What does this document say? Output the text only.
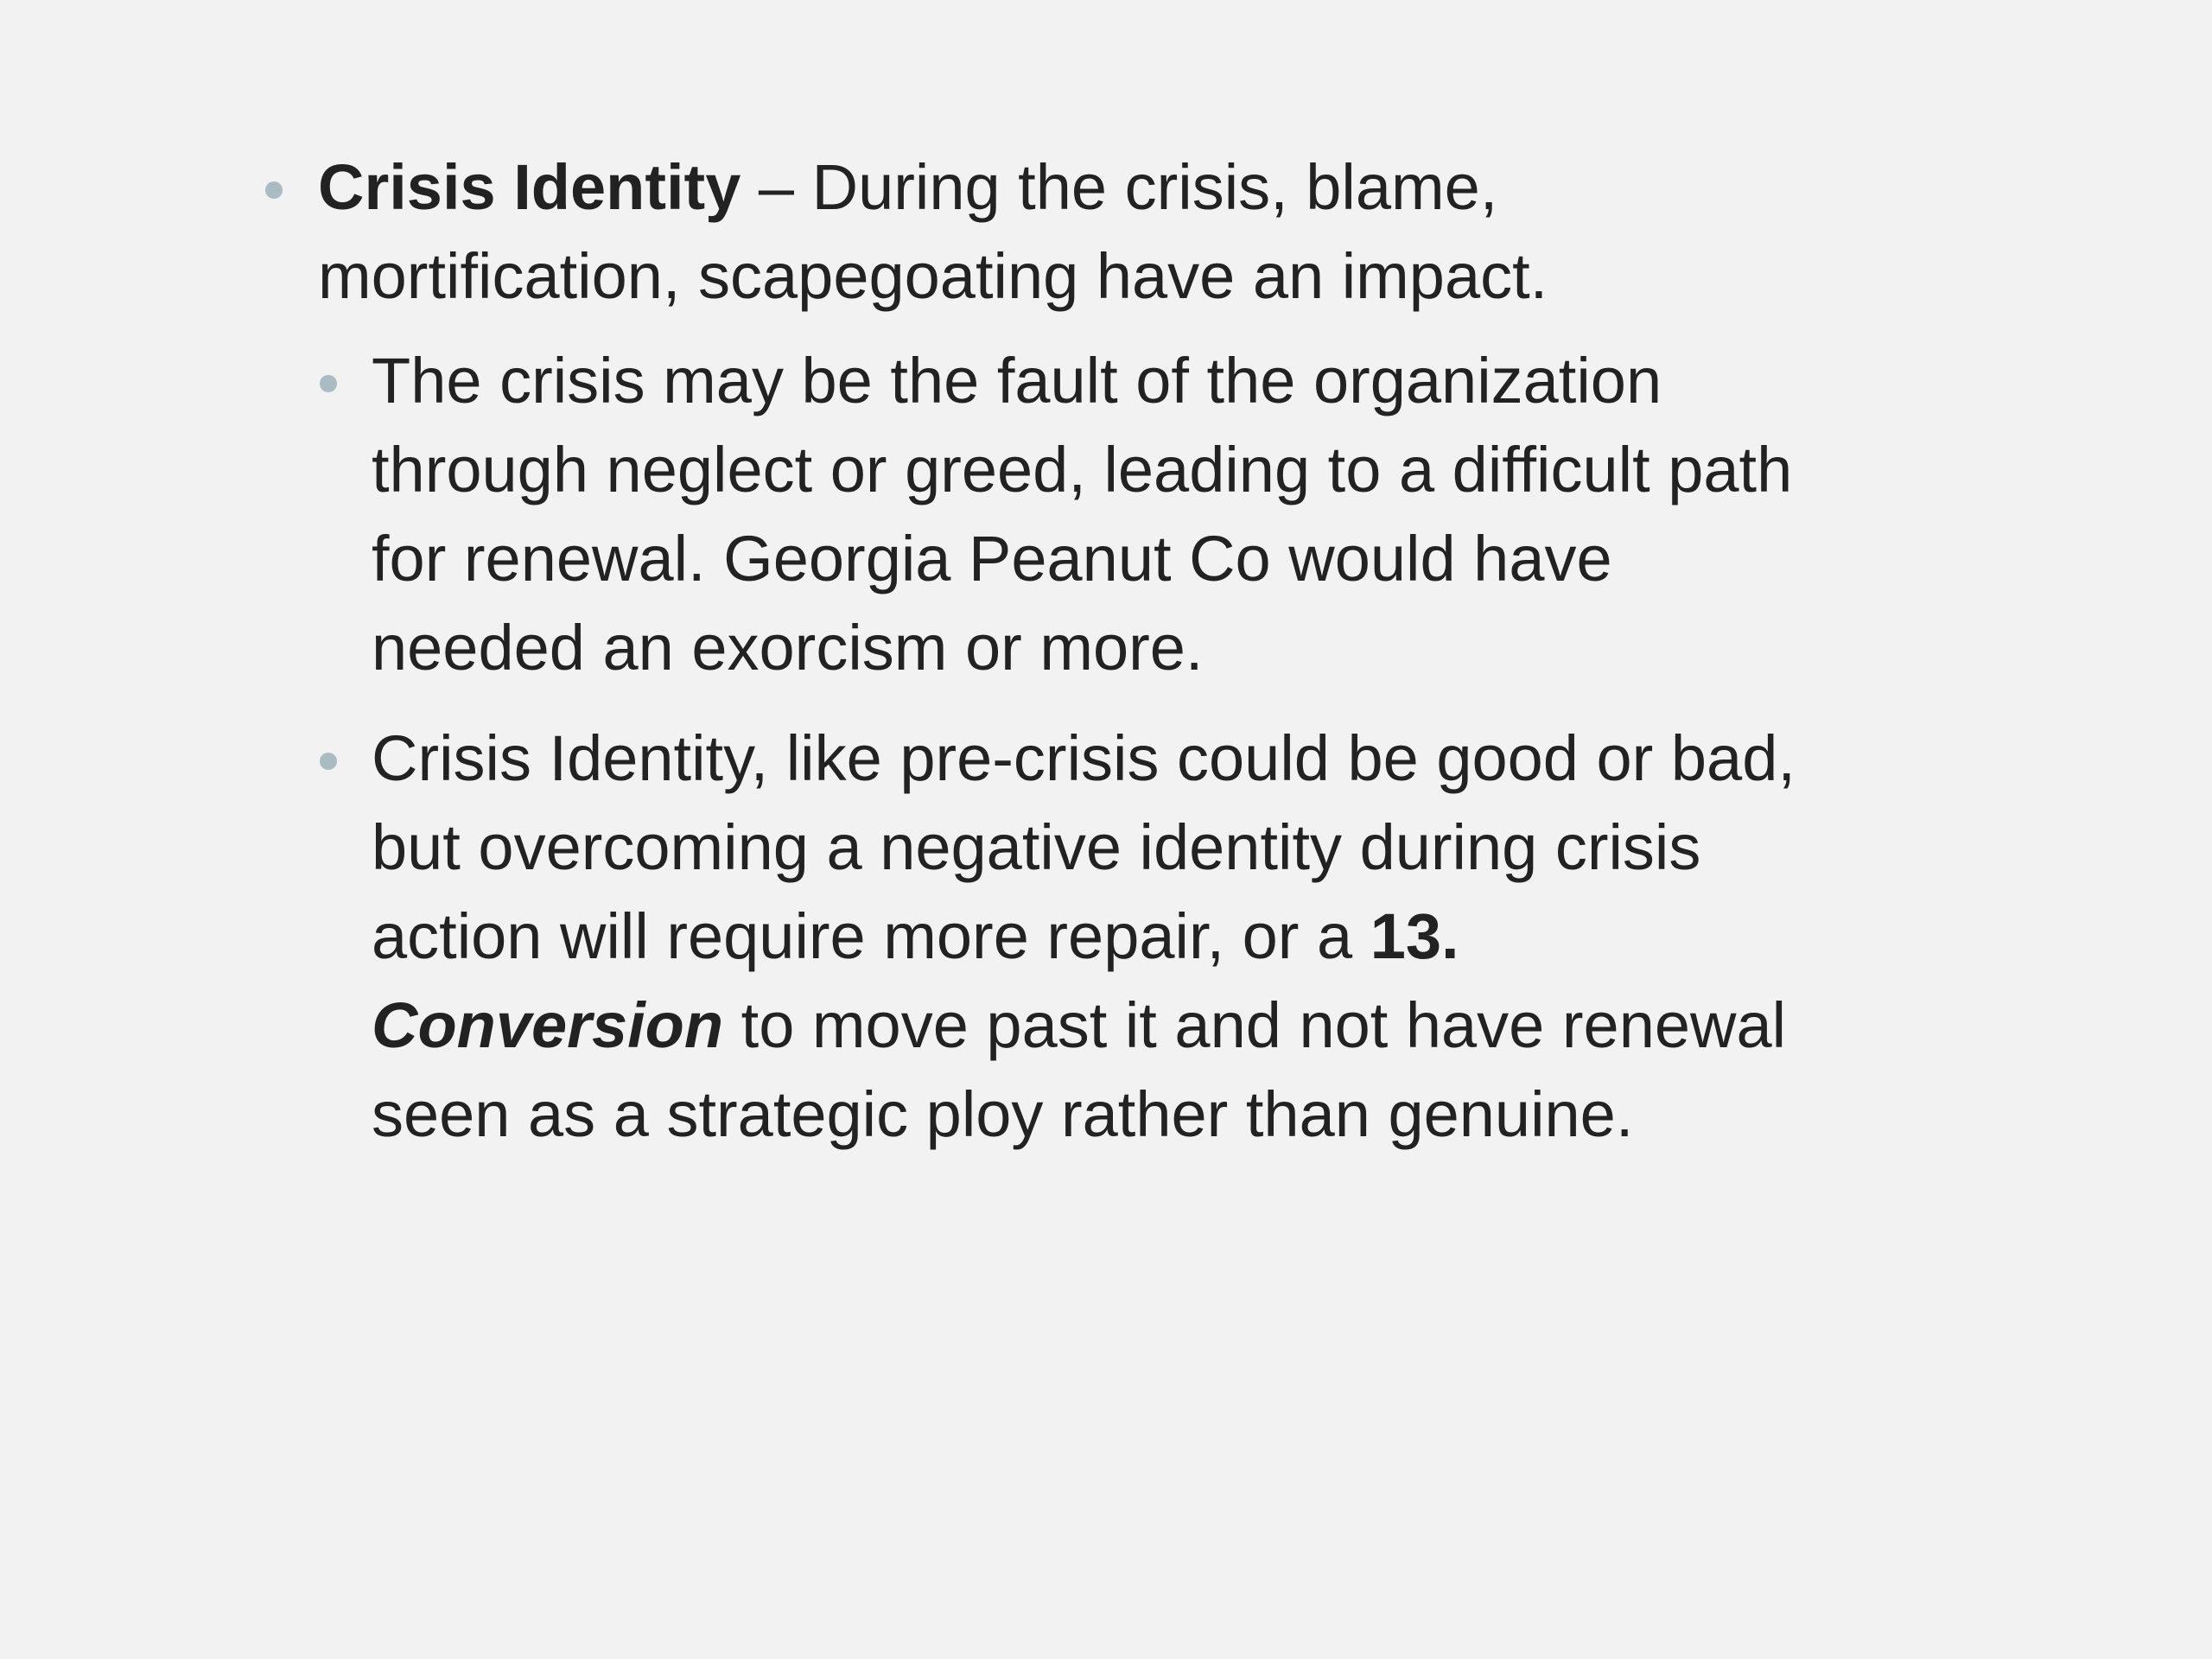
Crisis Identity – During the crisis, blame, mortification, scapegoating have an impact.
The crisis may be the fault of the organization through neglect or greed, leading to a difficult path for renewal. Georgia Peanut Co would have needed an exorcism or more.
Crisis Identity, like pre-crisis could be good or bad, but overcoming a negative identity during crisis action will require more repair, or a 13. Conversion to move past it and not have renewal seen as a strategic ploy rather than genuine.
